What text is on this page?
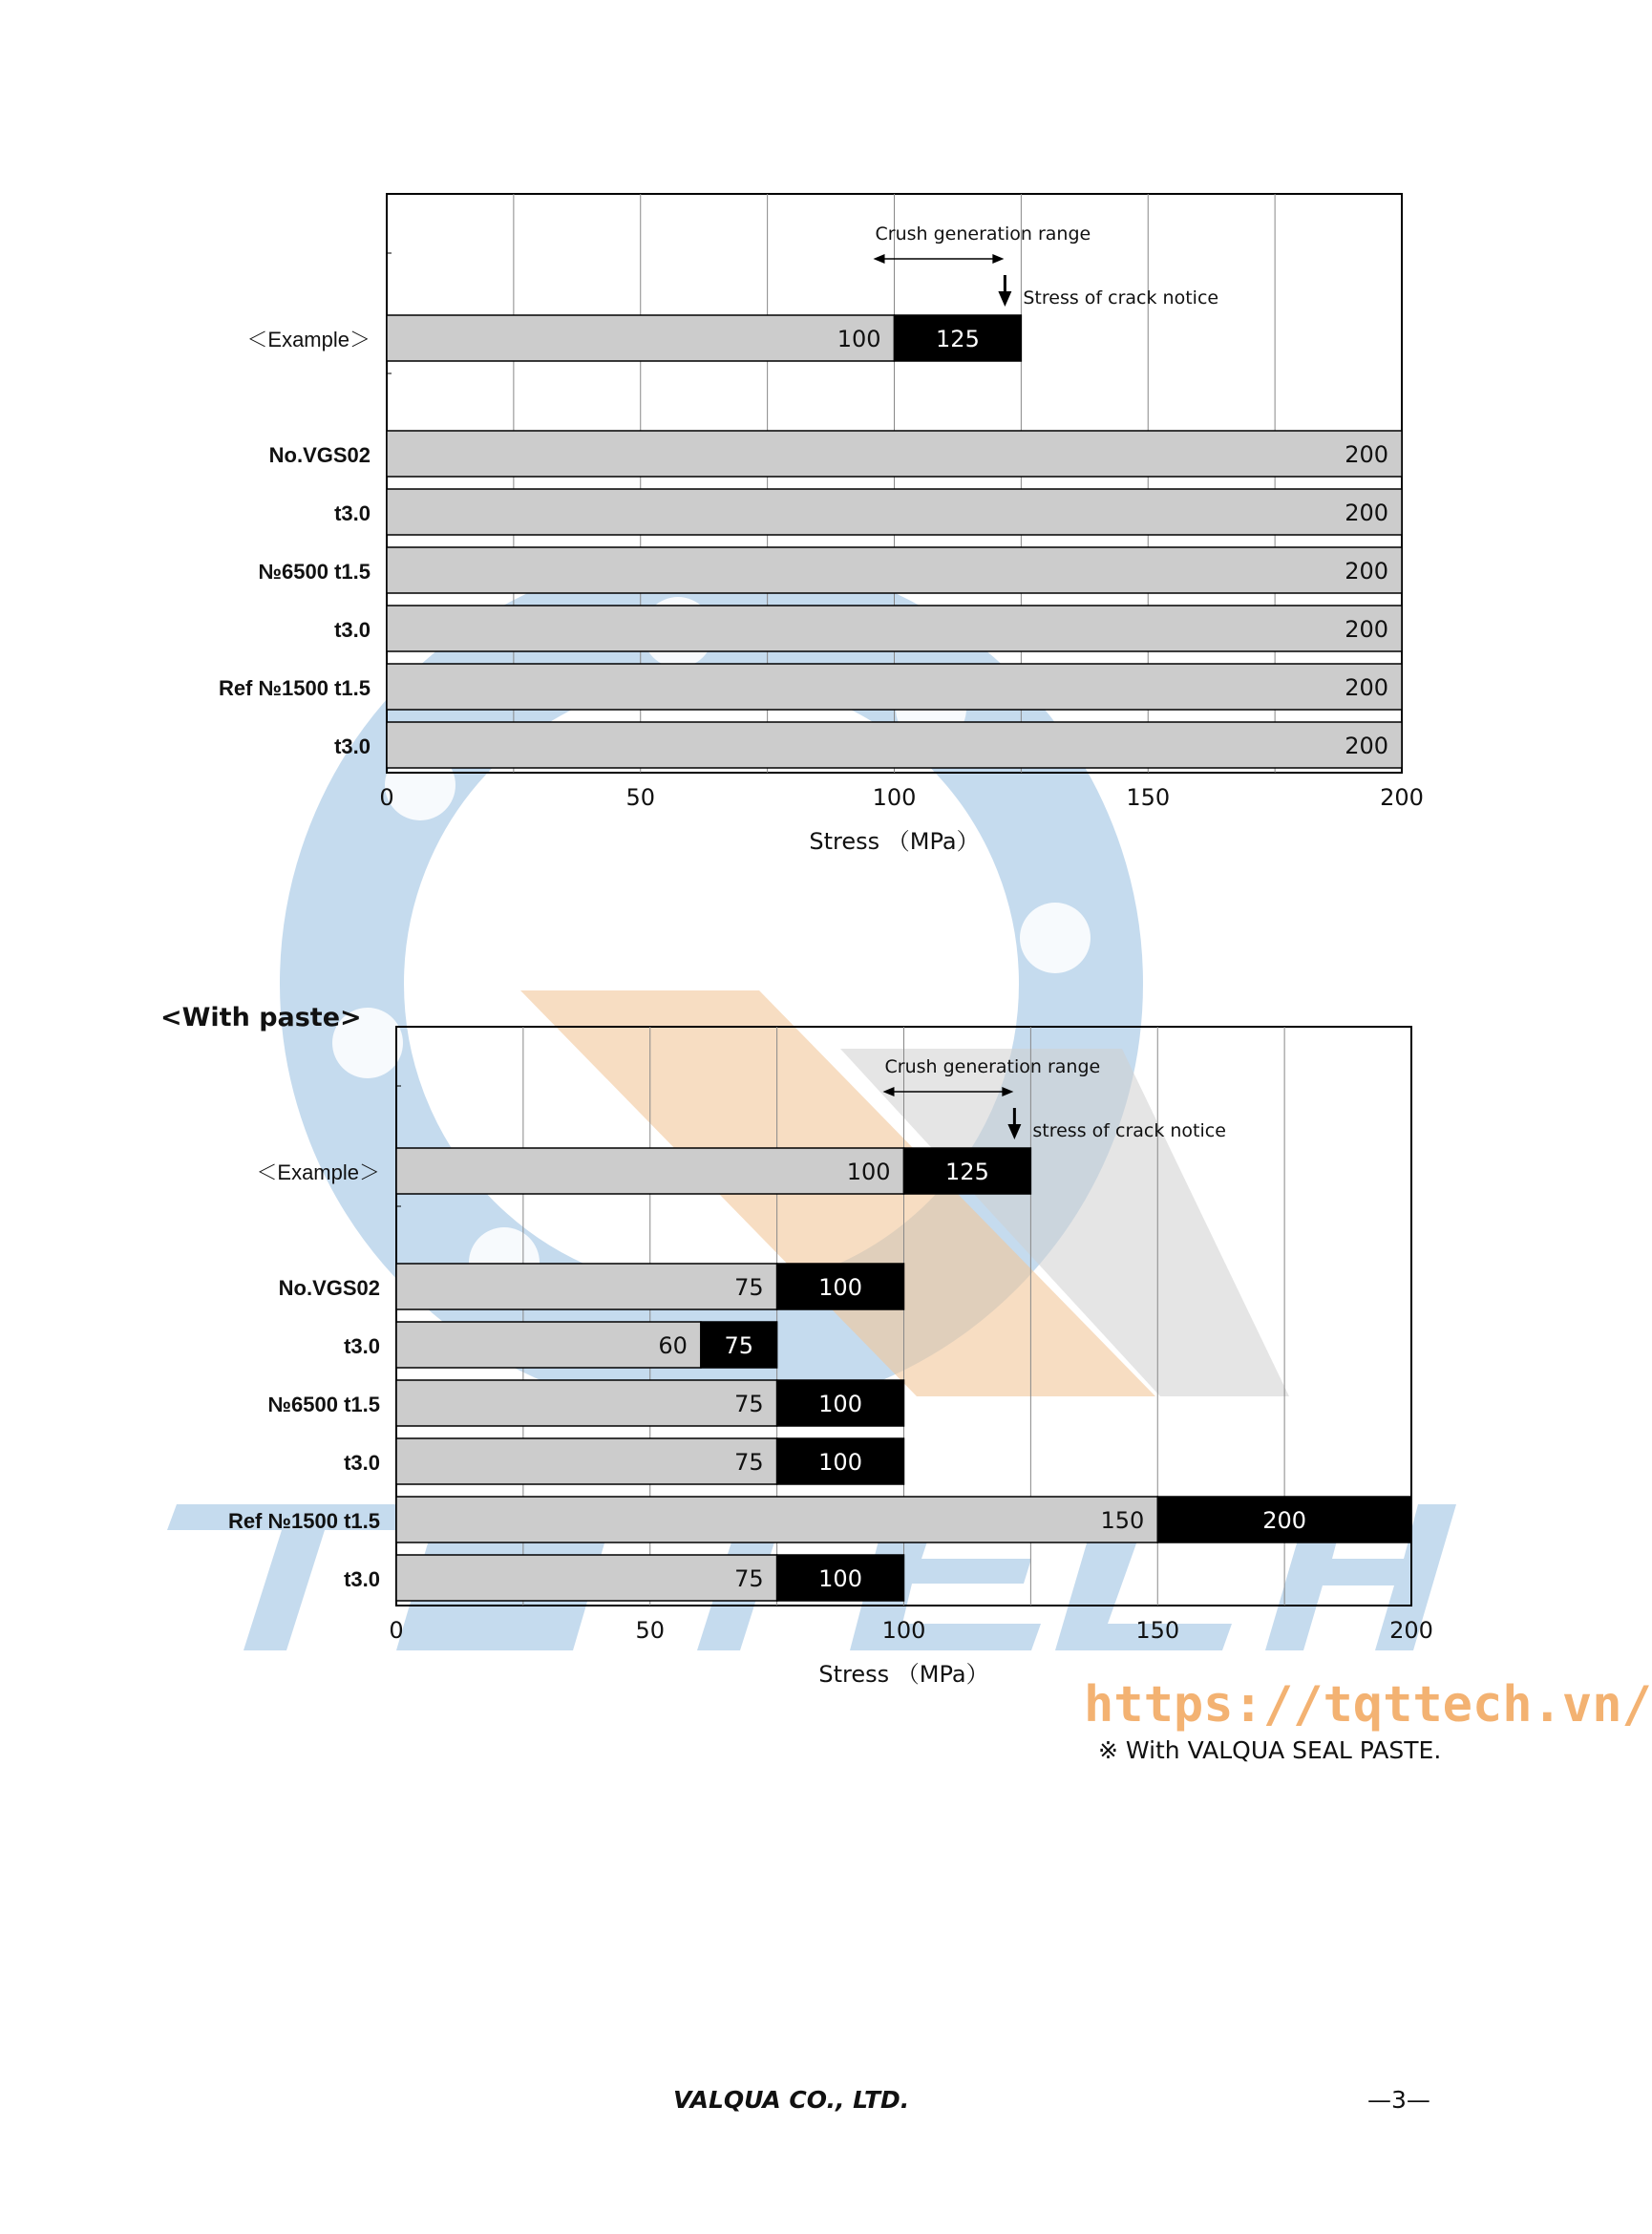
100 125
＜Example＞
200
No.VGS02
200
t3.0
200
№6500 t1.5
200
t3.0
200
Ref №1500 t1.5
200
t3.0
Crush generation range
Stress of crack notice
0	50	100	150	200
Stress （MPa）
<With paste>
100 125
＜Example＞
75 100
No.VGS02
60 75
t3.0
75 100
№6500 t1.5
75 100
t3.0
150	200
Ref №1500 t1.5
75 100
t3.0
Crush generation range
stress of crack notice
0	50	100	150	200
Stress （MPa）
https://tqttech.vn/
※ With VALQUA SEAL PASTE.
VALQUA CO., LTD.	—3—
